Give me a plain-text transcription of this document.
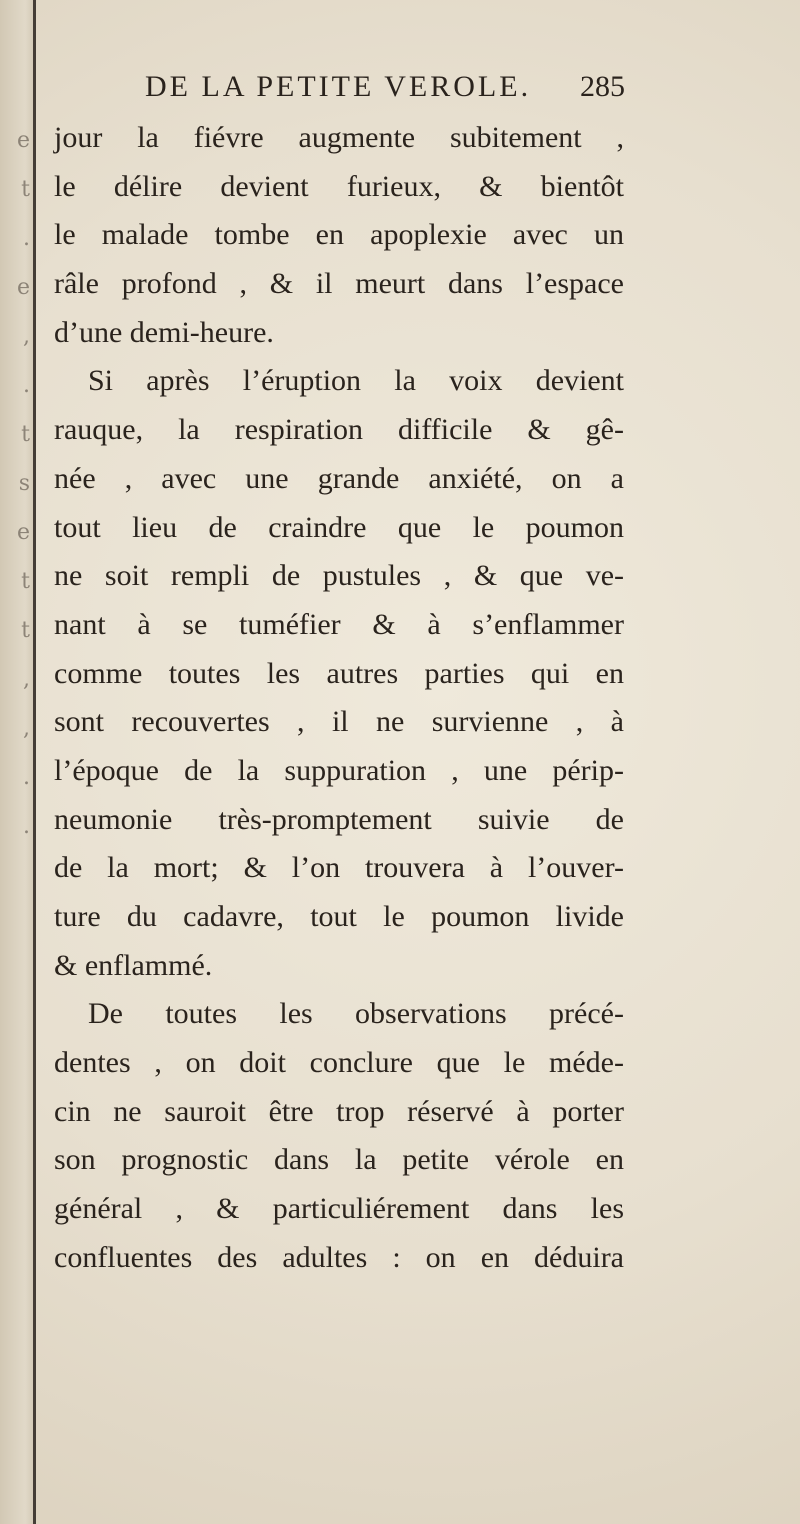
e
t
.
e
,
.
t
s
e
t
t
,
,
.
.
DE LA PETITE VEROLE. 285
jour la fiévre augmente subitement ,
le délire devient furieux, & bientôt
le malade tombe en apoplexie avec un
râle profond , & il meurt dans l’espace
d’une demi-heure.
Si après l’éruption la voix devient
rauque, la respiration difficile & gê-
née , avec une grande anxiété, on a
tout lieu de craindre que le poumon
ne soit rempli de pustules , & que ve-
nant à se tuméfier & à s’enflammer
comme toutes les autres parties qui en
sont recouvertes , il ne survienne , à
l’époque de la suppuration , une périp-
neumonie très-promptement suivie de
de la mort; & l’on trouvera à l’ouver-
ture du cadavre, tout le poumon livide
& enflammé.
De toutes les observations précé-
dentes , on doit conclure que le méde-
cin ne sauroit être trop réservé à porter
son prognostic dans la petite vérole en
général , & particuliérement dans les
confluentes des adultes : on en déduira
